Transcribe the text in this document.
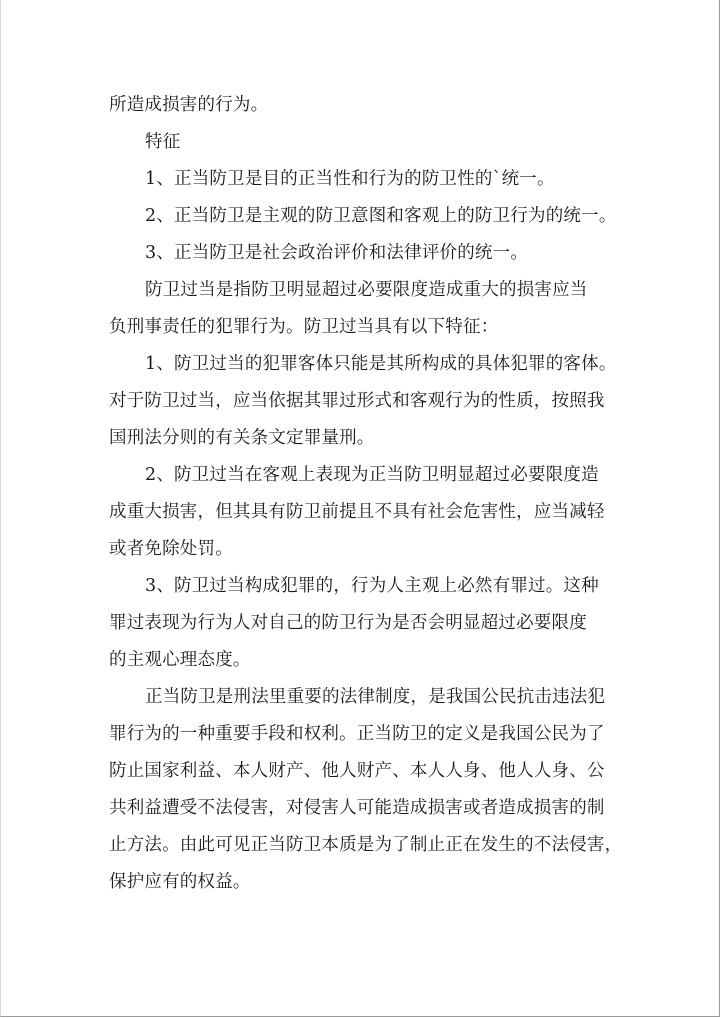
所造成损害的行为。

特征

1、正当防卫是目的正当性和行为的防卫性的`统一。

2、正当防卫是主观的防卫意图和客观上的防卫行为的统一。

3、正当防卫是社会政治评价和法律评价的统一。

防卫过当是指防卫明显超过必要限度造成重大的损害应当

负刑事责任的犯罪行为。防卫过当具有以下特征：

1、防卫过当的犯罪客体只能是其所构成的具体犯罪的客体。

对于防卫过当，应当依据其罪过形式和客观行为的性质，按照我

国刑法分则的有关条文定罪量刑。

2、防卫过当在客观上表现为正当防卫明显超过必要限度造

成重大损害，但其具有防卫前提且不具有社会危害性，应当减轻

或者免除处罚。

3、防卫过当构成犯罪的，行为人主观上必然有罪过。这种

罪过表现为行为人对自己的防卫行为是否会明显超过必要限度

的主观心理态度。

正当防卫是刑法里重要的法律制度，是我国公民抗击违法犯

罪行为的一种重要手段和权利。正当防卫的定义是我国公民为了

防止国家利益、本人财产、他人财产、本人人身、他人人身、公

共利益遭受不法侵害，对侵害人可能造成损害或者造成损害的制

止方法。由此可见正当防卫本质是为了制止正在发生的不法侵害，

保护应有的权益。
